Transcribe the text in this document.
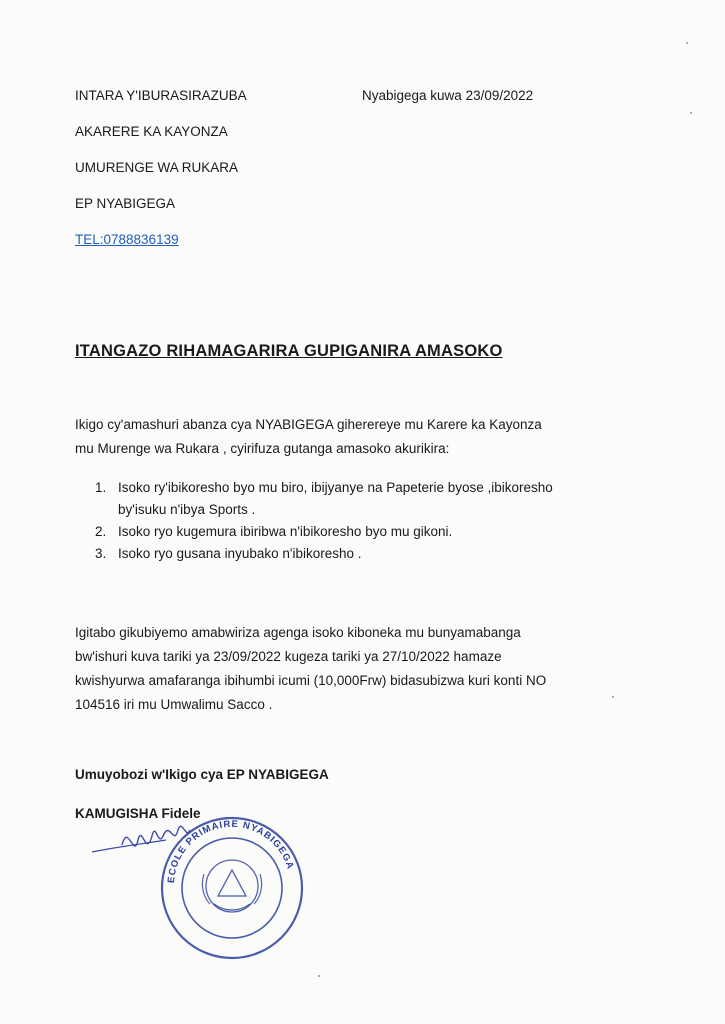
INTARA Y'IBURASIRAZUBA
AKARERE KA KAYONZA
UMURENGE WA RUKARA
EP NYABIGEGA
TEL:0788836139
Nyabigega kuwa 23/09/2022
ITANGAZO RIHAMAGARIRA GUPIGANIRA AMASOKO
Ikigo cy'amashuri abanza cya NYABIGEGA giherereye mu Karere ka Kayonza
mu Murenge wa Rukara , cyirifuza gutanga amasoko akurikira:
1. Isoko ry'ibikoresho byo mu biro, ibijyanye na Papeterie byose ,ibikoresho
by'isuku n'ibya Sports .
2. Isoko ryo kugemura ibiribwa n'ibikoresho byo mu gikoni.
3. Isoko ryo gusana inyubako n'ibikoresho .
Igitabo gikubiyemo amabwiriza agenga isoko kiboneka mu bunyamabanga
bw'ishuri kuva tariki ya 23/09/2022 kugeza tariki ya 27/10/2022 hamaze
kwishyurwa amafaranga ibihumbi icumi (10,000Frw) bidasubizwa kuri konti NO
104516 iri mu Umwalimu Sacco .
Umuyobozi w'Ikigo cya EP NYABIGEGA
KAMUGISHA Fidele
ECOLE PRIMAIRE NYABIGEGA
